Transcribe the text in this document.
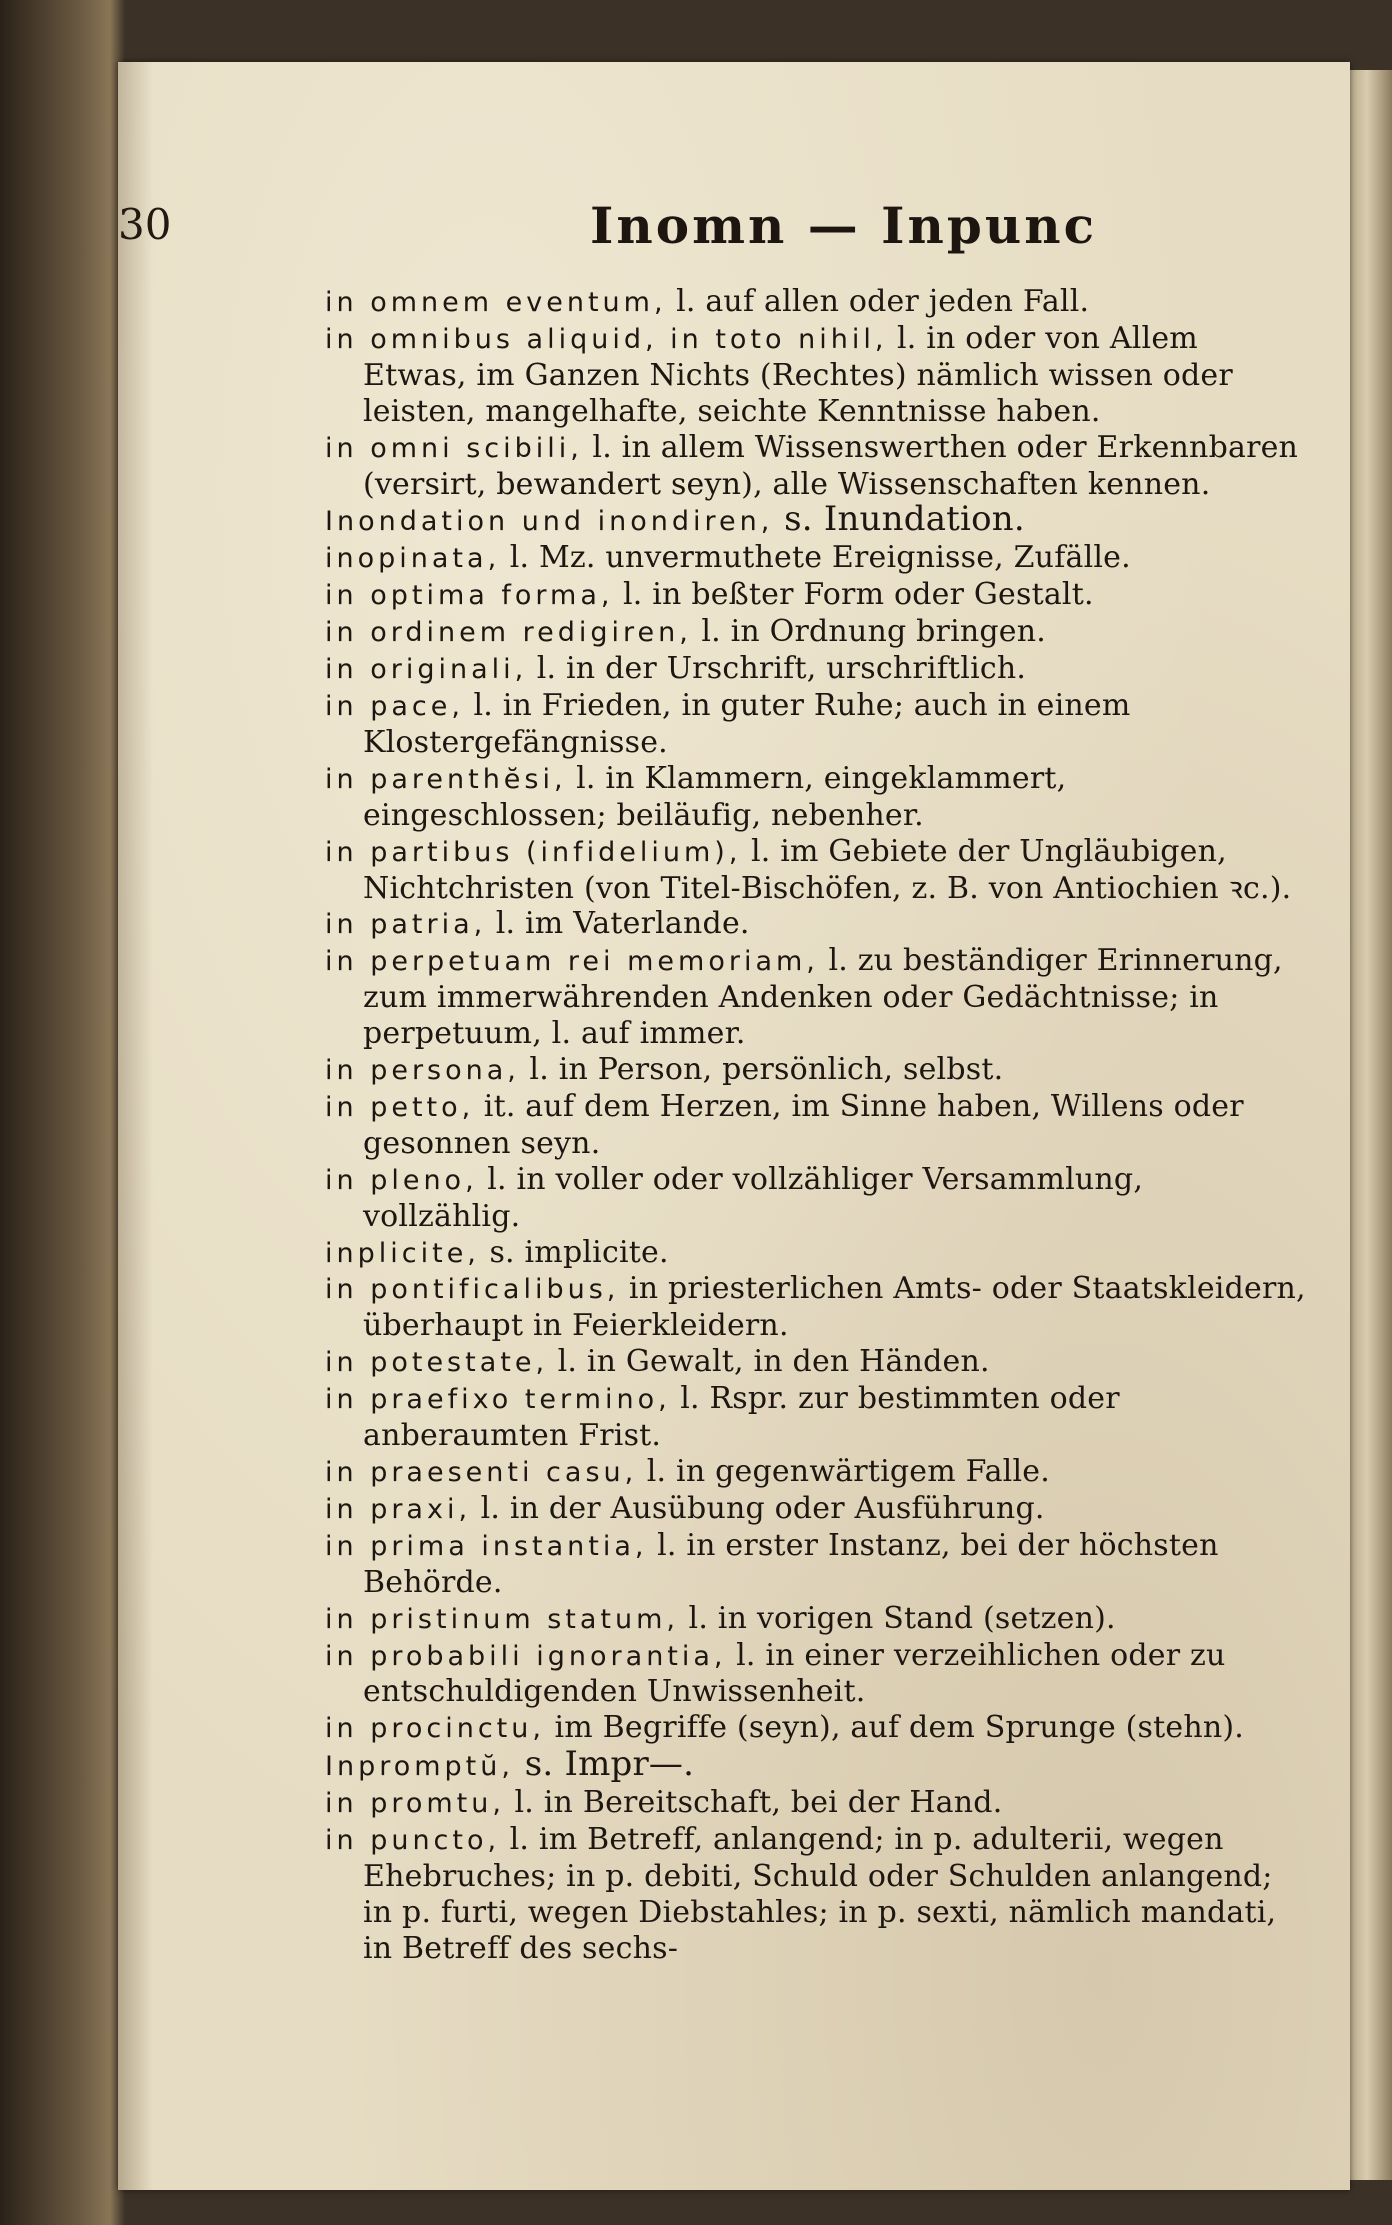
30	Inomn — Inpunc

in omnem eventum, l. auf allen oder jeden Fall.

in omnibus aliquid, in toto nihil, l. in oder von Allem Etwas, im Ganzen Nichts (Rechtes) nämlich wissen oder leisten, mangelhafte, seichte Kenntnisse haben.

in omni scibili, l. in allem Wissenswerthen oder Erkennbaren (versirt, bewandert seyn), alle Wissenschaften kennen.

Inondation und inondiren, s. Inundation.

inopinata, l. Mz. unvermuthete Ereignisse, Zufälle.

in optima forma, l. in beßter Form oder Gestalt.

in ordinem redigiren, l. in Ordnung bringen.

in originali, l. in der Urschrift, urschriftlich.

in pace, l. in Frieden, in guter Ruhe; auch in einem Klostergefängnisse.

in parenthĕsi, l. in Klammern, eingeklammert, eingeschlossen; beiläufig, nebenher.

in partibus (infidelium), l. im Gebiete der Ungläubigen, Nichtchristen (von Titel-Bischöfen, z. B. von Antiochien ꝛc.).

in patria, l. im Vaterlande.

in perpetuam rei memoriam, l. zu beständiger Erinnerung, zum immerwährenden Andenken oder Gedächtnisse; in perpetuum, l. auf immer.

in persona, l. in Person, persönlich, selbst.

in petto, it. auf dem Herzen, im Sinne haben, Willens oder gesonnen seyn.

in pleno, l. in voller oder vollzähliger Versammlung, vollzählig.

inplicite, s. implicite.

in pontificalibus, in priesterlichen Amts- oder Staatskleidern, überhaupt in Feierkleidern.

in potestate, l. in Gewalt, in den Händen.

in praefixo termino, l. Rspr. zur bestimmten oder anberaumten Frist.

in praesenti casu, l. in gegenwärtigem Falle.

in praxi, l. in der Ausübung oder Ausführung.

in prima instantia, l. in erster Instanz, bei der höchsten Behörde.

in pristinum statum, l. in vorigen Stand (setzen).

in probabili ignorantia, l. in einer verzeihlichen oder zu entschuldigenden Unwissenheit.

in procinctu, im Begriffe (seyn), auf dem Sprunge (stehn).

Inpromptŭ, s. Impr—.

in promtu, l. in Bereitschaft, bei der Hand.

in puncto, l. im Betreff, anlangend; in p. adulterii, wegen Ehebruches; in p. debiti, Schuld oder Schulden anlangend; in p. furti, wegen Diebstahles; in p. sexti, nämlich mandati, in Betreff des sechs-
